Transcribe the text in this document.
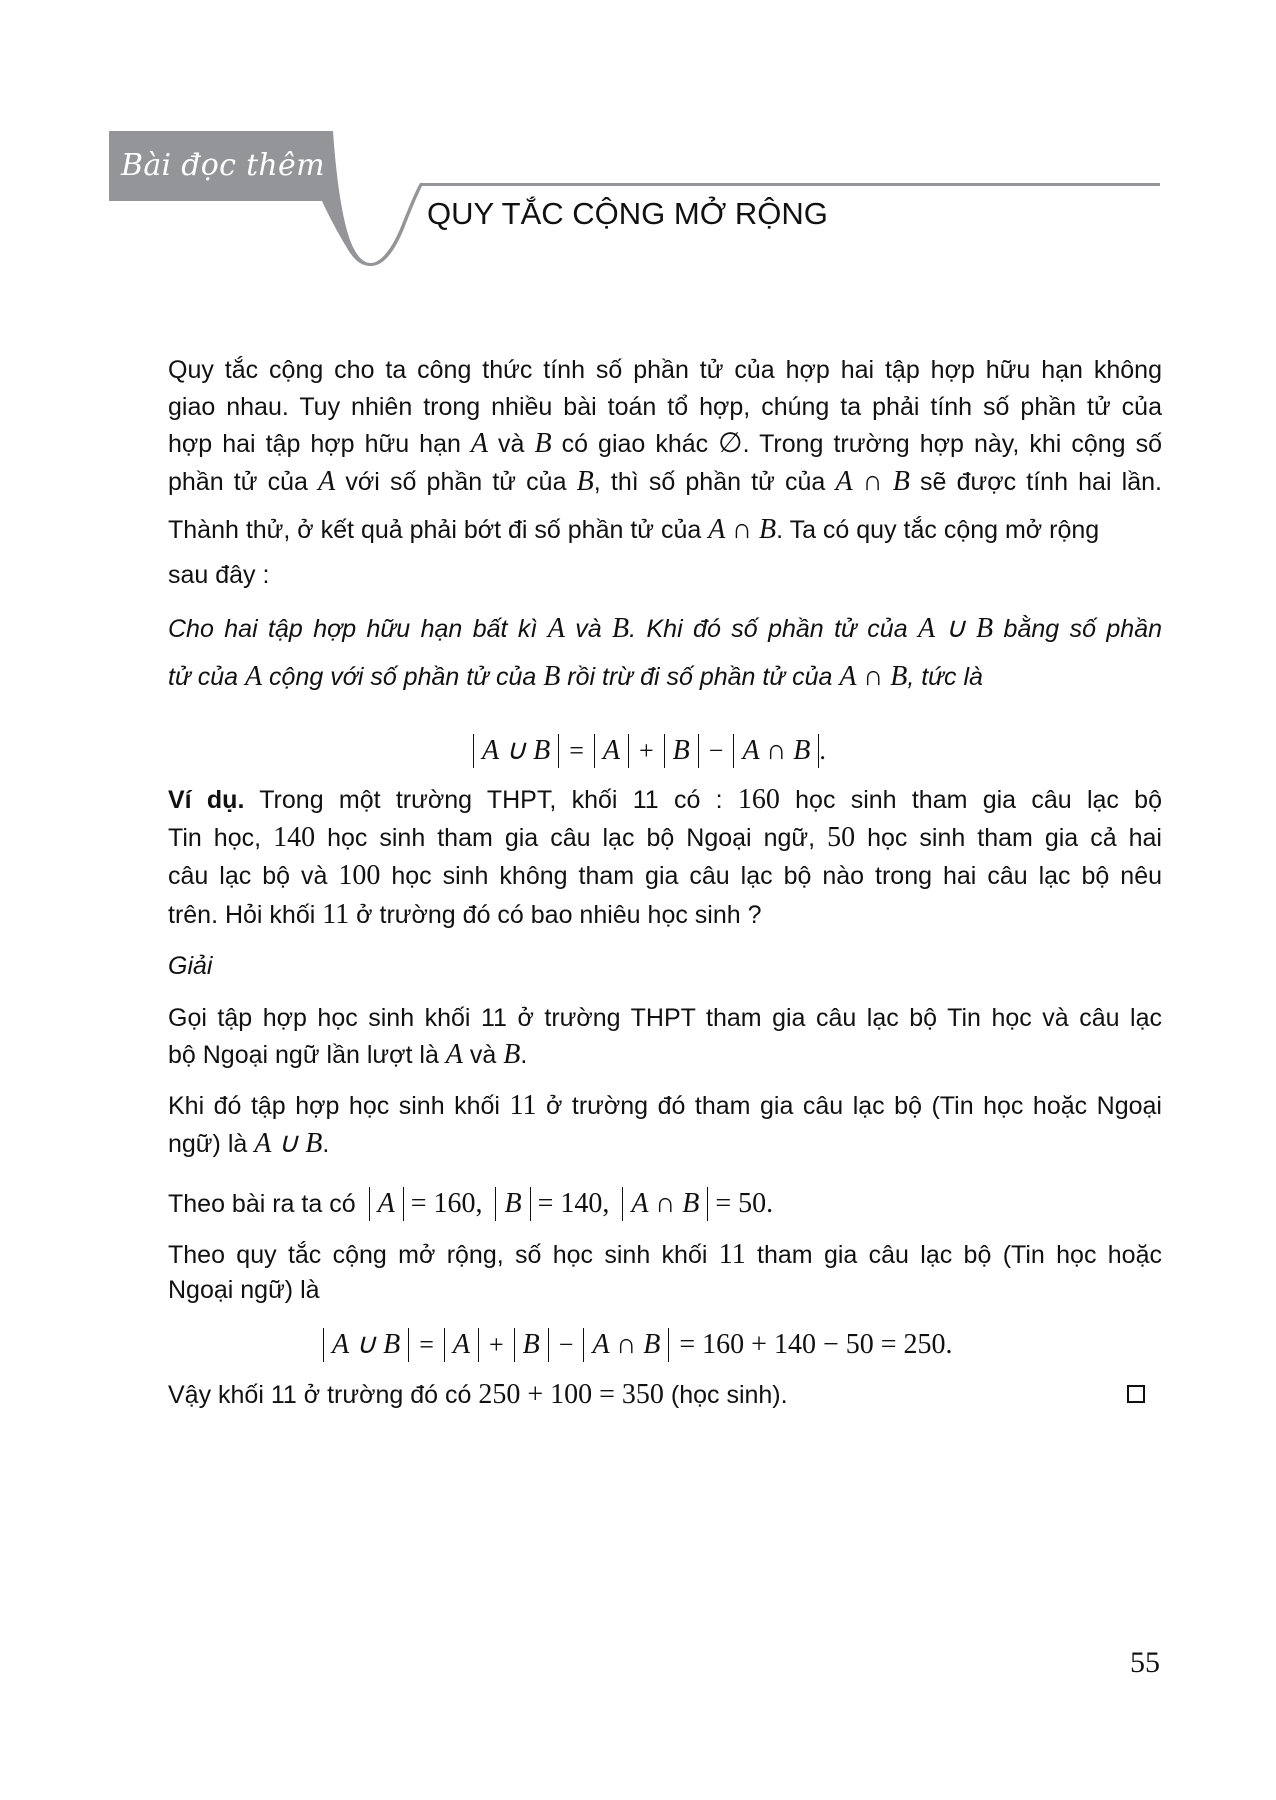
Bài đọc thêm
QUY TẮC CỘNG MỞ RỘNG
Quy tắc cộng cho ta công thức tính số phần tử của hợp hai tập hợp hữu hạn không
giao nhau. Tuy nhiên trong nhiều bài toán tổ hợp, chúng ta phải tính số phần tử của
hợp hai tập hợp hữu hạn A và B có giao khác ∅. Trong trường hợp này, khi cộng số
phần tử của A với số phần tử của B, thì số phần tử của A ∩ B sẽ được tính hai lần.
Thành thử, ở kết quả phải bớt đi số phần tử của A ∩ B. Ta có quy tắc cộng mở rộng
sau đây :
Cho hai tập hợp hữu hạn bất kì A và B. Khi đó số phần tử của A ∪ B bằng số phần
tử của A cộng với số phần tử của B rồi trừ đi số phần tử của A ∩ B, tức là
A ∪ B = A + B − A ∩ B .
Ví dụ. Trong một trường THPT, khối 11 có : 160 học sinh tham gia câu lạc bộ
Tin học, 140 học sinh tham gia câu lạc bộ Ngoại ngữ, 50 học sinh tham gia cả hai
câu lạc bộ và 100 học sinh không tham gia câu lạc bộ nào trong hai câu lạc bộ nêu
trên. Hỏi khối 11 ở trường đó có bao nhiêu học sinh ?
Giải
Gọi tập hợp học sinh khối 11 ở trường THPT tham gia câu lạc bộ Tin học và câu lạc
bộ Ngoại ngữ lần lượt là A và B.
Khi đó tập hợp học sinh khối 11 ở trường đó tham gia câu lạc bộ (Tin học hoặc Ngoại
ngữ) là A ∪ B.
Theo bài ra ta có A = 160, B = 140, A ∩ B = 50.
Theo quy tắc cộng mở rộng, số học sinh khối 11 tham gia câu lạc bộ (Tin học hoặc
Ngoại ngữ) là
A ∪ B = A + B − A ∩ B = 160 + 140 − 50 = 250.
Vậy khối 11 ở trường đó có 250 + 100 = 350 (học sinh).
55
